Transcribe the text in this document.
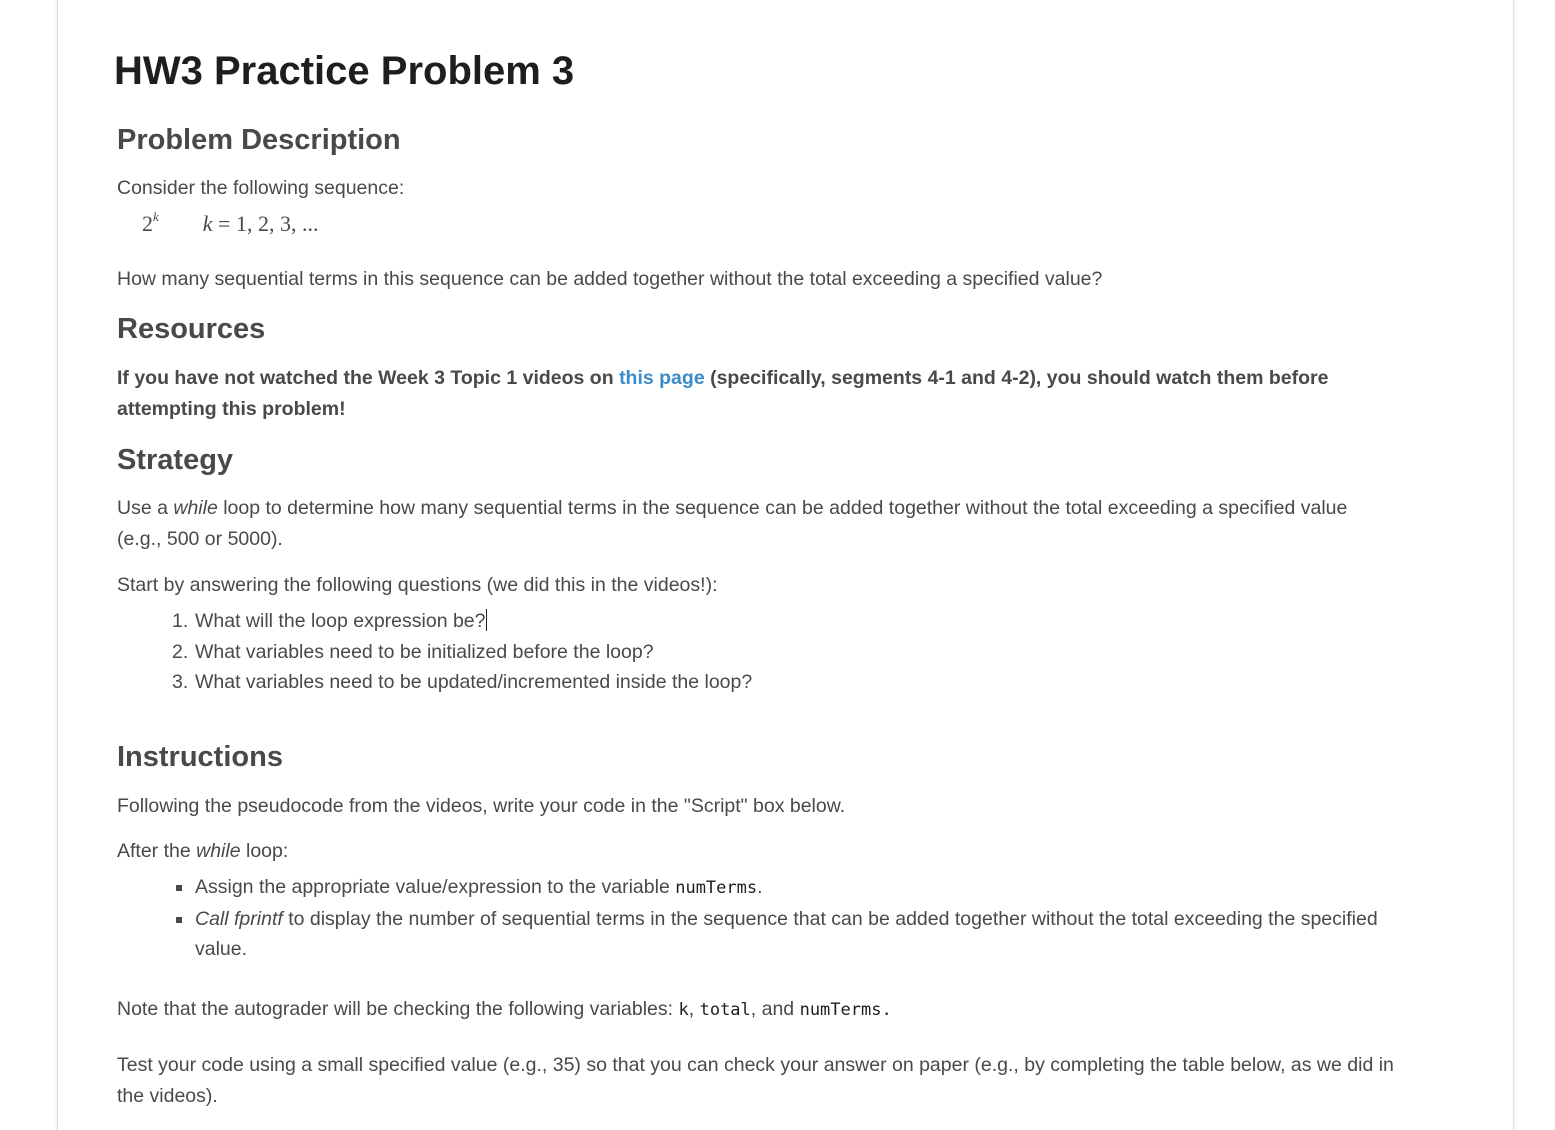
HW3 Practice Problem 3
Problem Description

Consider the following sequence:

2$^k$ k = 1, 2, 3, ...

How many sequential terms in this sequence can be added together without the total exceeding a specified value?

Resources

If you have not watched the Week 3 Topic 1 videos on this page (specifically, segments 4-1 and 4-2), you should watch them before attempting this problem!

Strategy

Use a while loop to determine how many sequential terms in the sequence can be added together without the total exceeding a specified value (e.g., 500 or 5000).

Start by answering the following questions (we did this in the videos!):

1. What will the loop expression be?
2. What variables need to be initialized before the loop?
3. What variables need to be updated/incremented inside the loop?
Instructions

Following the pseudocode from the videos, write your code in the "Script" box below.

After the while loop:

Assign the appropriate value/expression to the variable numTerms.
Call fprintf to display the number of sequential terms in the sequence that can be added together without the total exceeding the specified value.

Note that the autograder will be checking the following variables: k, total, and numTerms.

Test your code using a small specified value (e.g., 35) so that you can check your answer on paper (e.g., by completing the table below, as we did in the videos).
